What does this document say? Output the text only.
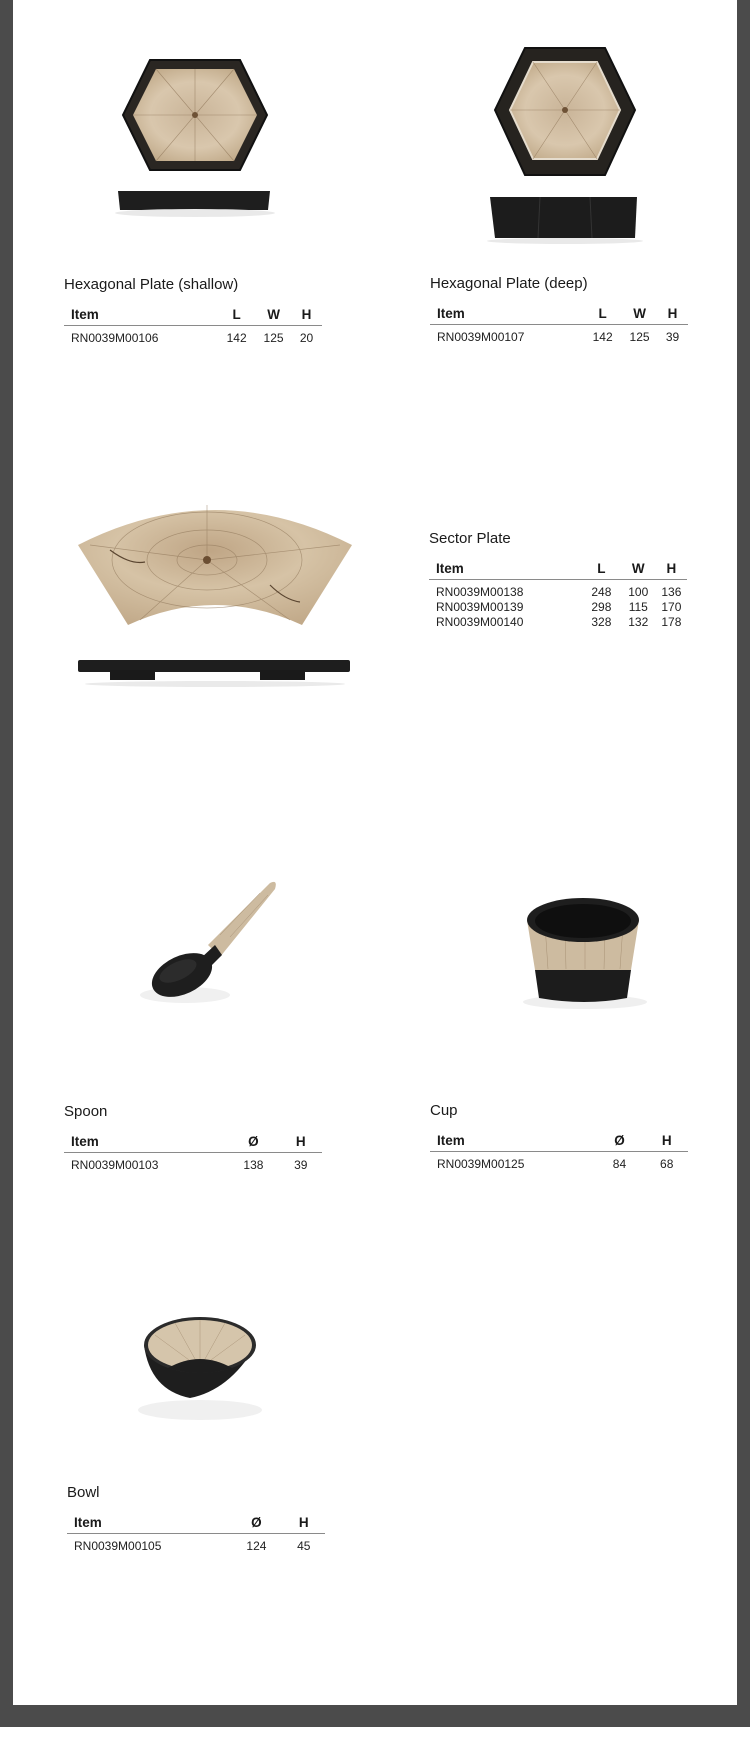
Hexagonal Plate (shallow)
Item	L	W	H
RN0039M00106	142	125	20
Hexagonal Plate (deep)
Item	L	W	H
RN0039M00107	142	125	39
Sector Plate
Item	L	W	H
RN0039M00138	248	100	136
RN0039M00139	298	115	170
RN0039M00140	328	132	178
Spoon
Item	Ø	H
RN0039M00103	138	39
Cup
Item	Ø	H
RN0039M00125	84	68
Bowl
Item	Ø	H
RN0039M00105	124	45
